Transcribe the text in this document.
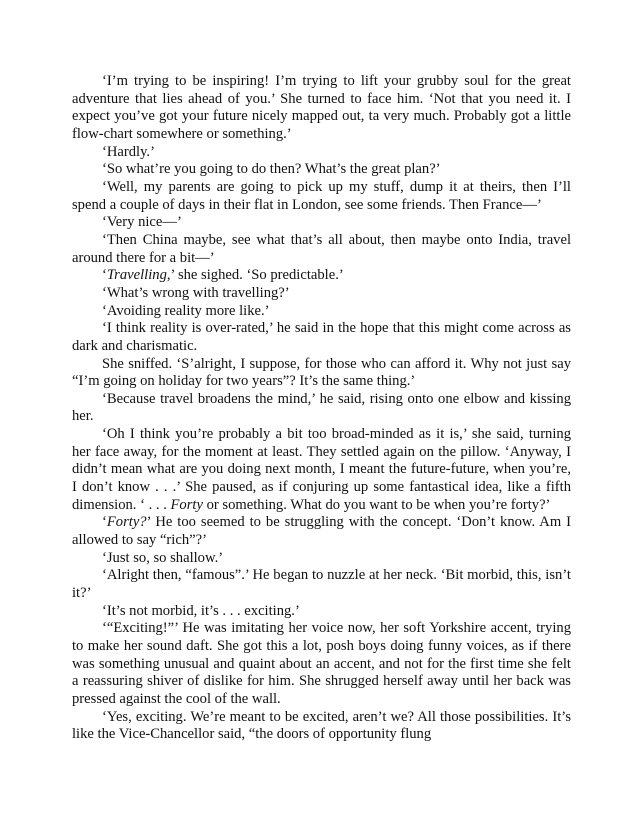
‘I’m trying to be inspiring! I’m trying to lift your grubby soul for the great adventure that lies ahead of you.’ She turned to face him. ‘Not that you need it. I expect you’ve got your future nicely mapped out, ta very much. Probably got a little flow-chart somewhere or something.’

‘Hardly.’

‘So what’re you going to do then? What’s the great plan?’

‘Well, my parents are going to pick up my stuff, dump it at theirs, then I’ll spend a couple of days in their flat in London, see some friends. Then France—’

‘Very nice—’

‘Then China maybe, see what that’s all about, then maybe onto India, travel around there for a bit—’

‘Travelling,’ she sighed. ‘So predictable.’

‘What’s wrong with travelling?’

‘Avoiding reality more like.’

‘I think reality is over-rated,’ he said in the hope that this might come across as dark and charismatic.

She sniffed. ‘S’alright, I suppose, for those who can afford it. Why not just say “I’m going on holiday for two years”? It’s the same thing.’

‘Because travel broadens the mind,’ he said, rising onto one elbow and kissing her.

‘Oh I think you’re probably a bit too broad-minded as it is,’ she said, turning her face away, for the moment at least. They settled again on the pillow. ‘Anyway, I didn’t mean what are you doing next month, I meant the future-future, when you’re, I don’t know . . .’ She paused, as if conjuring up some fantastical idea, like a fifth dimension. ‘ . . . Forty or something. What do you want to be when you’re forty?’

‘Forty?’ He too seemed to be struggling with the concept. ‘Don’t know. Am I allowed to say “rich”?’

‘Just so, so shallow.’

‘Alright then, “famous”.’ He began to nuzzle at her neck. ‘Bit morbid, this, isn’t it?’

‘It’s not morbid, it’s . . . exciting.’

‘“Exciting!”’ He was imitating her voice now, her soft Yorkshire accent, trying to make her sound daft. She got this a lot, posh boys doing funny voices, as if there was something unusual and quaint about an accent, and not for the first time she felt a reassuring shiver of dislike for him. She shrugged herself away until her back was pressed against the cool of the wall.

‘Yes, exciting. We’re meant to be excited, aren’t we? All those possibilities. It’s like the Vice-Chancellor said, “the doors of opportunity flung
